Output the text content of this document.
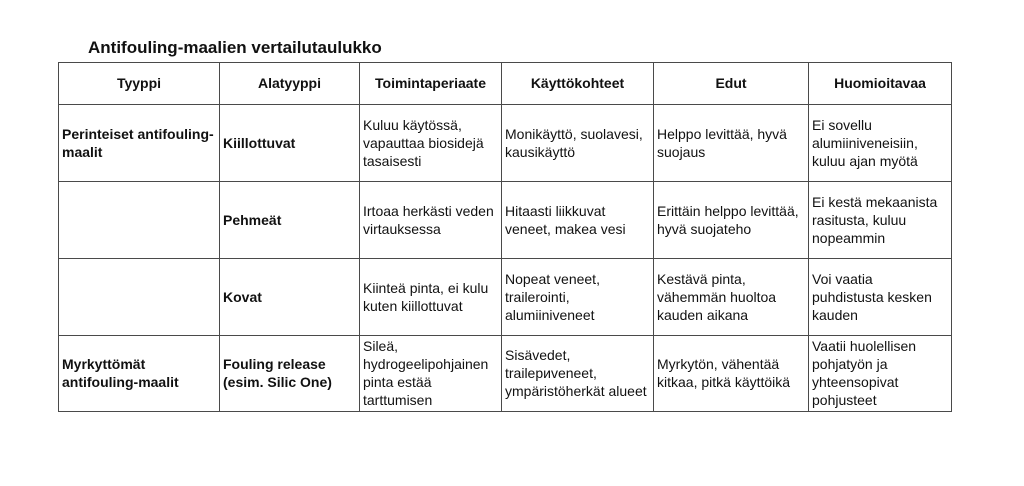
Antifouling-maalien vertailutaulukko
Tyyppi	Alatyyppi	Toimintaperiaate	Käyttökohteet	Edut	Huomioitavaa
Perinteiset antifouling-maalit	Kiillottuvat	Kuluu käytössä, vapauttaa biosidejä tasaisesti	Monikäyttö, suolavesi, kausikäyttö	Helppo levittää, hyvä suojaus	Ei sovellu alumiiniveneisiin, kuluu ajan myötä
	Pehmeät	Irtoaa herkästi veden virtauksessa	Hitaasti liikkuvat veneet, makea vesi	Erittäin helppo levittää, hyvä suojateho	Ei kestä mekaanista rasitusta, kuluu nopeammin
	Kovat	Kiinteä pinta, ei kulu kuten kiillottuvat	Nopeat veneet, trailerointi, alumiiniveneet	Kestävä pinta, vähemmän huoltoa kauden aikana	Voi vaatia puhdistusta kesken kauden
Myrkyttömät antifouling-maalit	Fouling release (esim. Silic One)	Sileä, hydrogeelipohjainen pinta estää tarttumisen	Sisävedet, trailериveneet, ympäristöherkät alueet	Myrkytön, vähentää kitkaa, pitkä käyttöikä	Vaatii huolellisen pohjatyön ja yhteensopivat pohjusteet
